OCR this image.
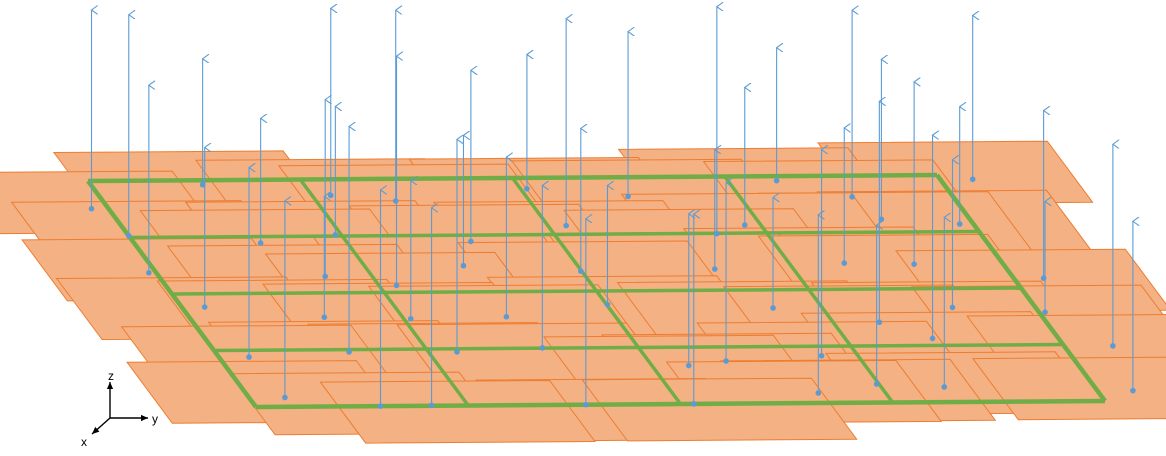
z
y
x
